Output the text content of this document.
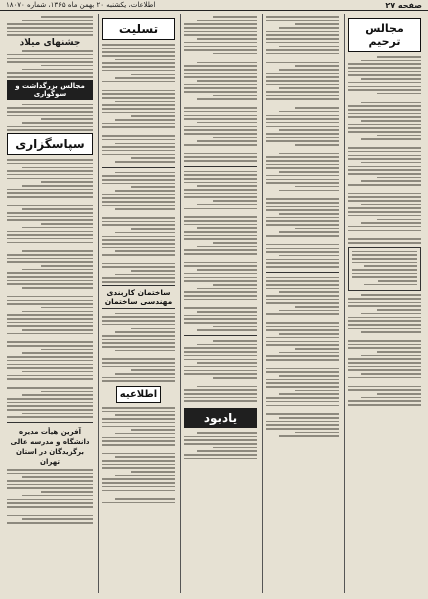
صفحه ۲۷
اطلاعات، یکشنبه ۲۰ بهمن ماه ۱۳۶۵، شماره ۱۸۰۷۰
مجالس ترحیم
یادبود
تسلیت
ساختمان کاربندی مهندسی ساختمان
اطلاعیه
جشنهای میلاد
مجالس بزرگداشت و سوگواری
سپاسگزاری
آفرین هیأت مدیره دانشگاه و مدرسه عالی برگزیدگان در استان تهران
